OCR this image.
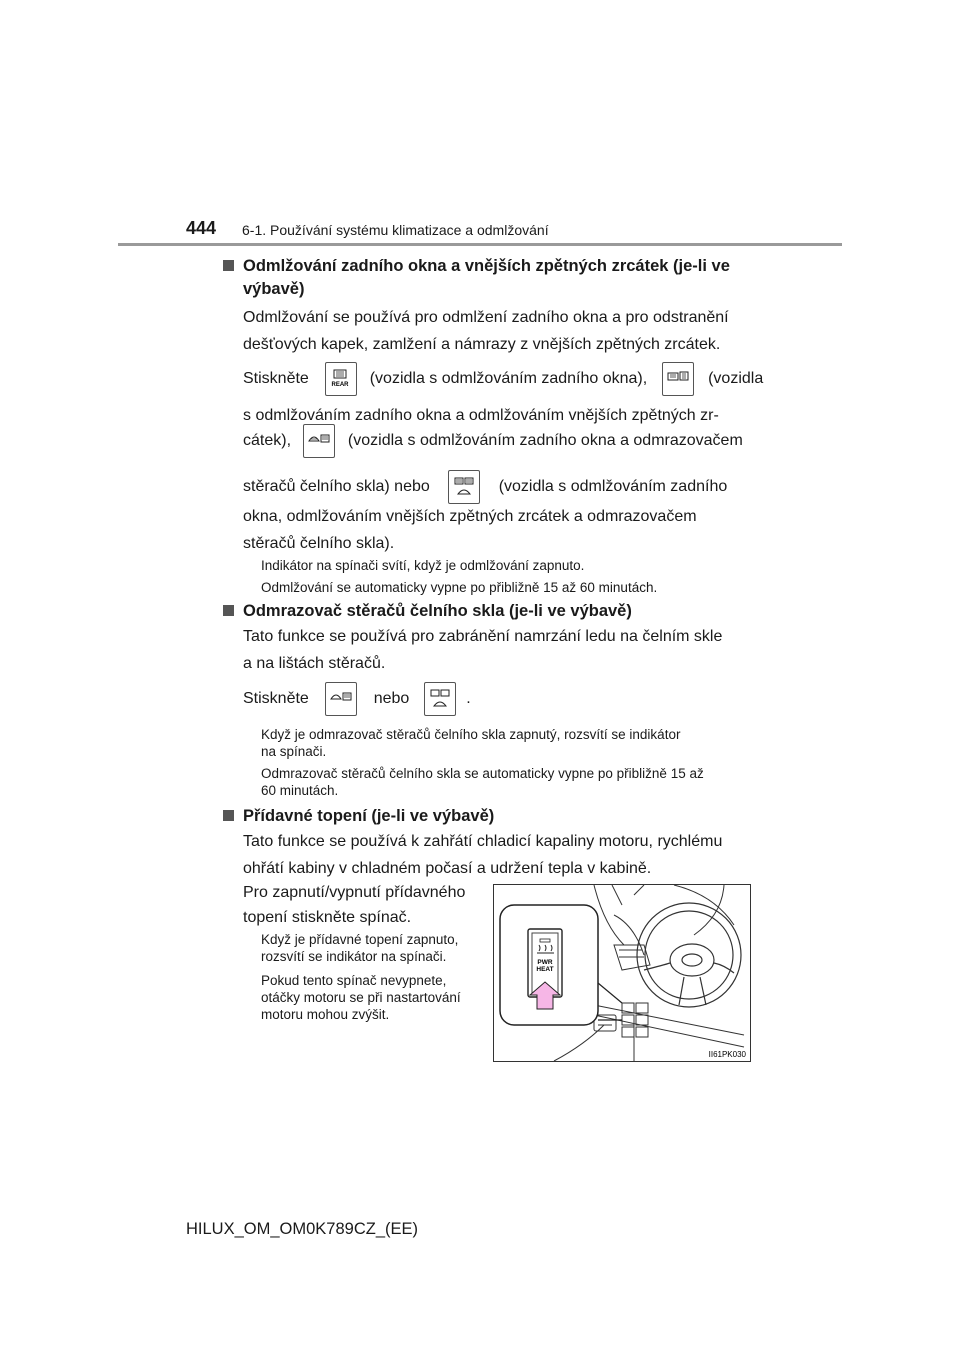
444 6-1. Používání systému klimatizace a odmlžování
Odmlžování zadního okna a vnějších zpětných zrcátek (je-li ve
výbavě)
Odmlžování se používá pro odmlžení zadního okna a pro odstranění
dešťových kapek, zamlžení a námrazy z vnějších zpětných zrcátek.
Stiskněte	REAR (vozidla s odmlžováním zadního okna),	(vozidla
s odmlžováním zadního okna a odmlžováním vnějších zpětných zr-
cátek),	(vozidla s odmlžováním zadního okna a odmrazovačem
stěračů čelního skla) nebo	(vozidla s odmlžováním zadního
okna, odmlžováním vnějších zpětných zrcátek a odmrazovačem
stěračů čelního skla).
Indikátor na spínači svítí, když je odmlžování zapnuto.
Odmlžování se automaticky vypne po přibližně 15 až 60 minutách.
Odmrazovač stěračů čelního skla (je-li ve výbavě)
Tato funkce se používá pro zabránění namrzání ledu na čelním skle
a na lištách stěračů.
Stiskněte	nebo	.
Když je odmrazovač stěračů čelního skla zapnutý, rozsvítí se indikátor
na spínači.
Odmrazovač stěračů čelního skla se automaticky vypne po přibližně 15 až
60 minutách.
Přídavné topení (je-li ve výbavě)
Tato funkce se používá k zahřátí chladicí kapaliny motoru, rychlému
ohřátí kabiny v chladném počasí a udržení tepla v kabině.
Pro zapnutí/vypnutí přídavného
topení stiskněte spínač.
Když je přídavné topení zapnuto,
rozsvítí se indikátor na spínači.
Pokud tento spínač nevypnete,
otáčky motoru se při nastartování
motoru mohou zvýšit.
PWR
HEAT
II61PK030
HILUX_OM_OM0K789CZ_(EE)
